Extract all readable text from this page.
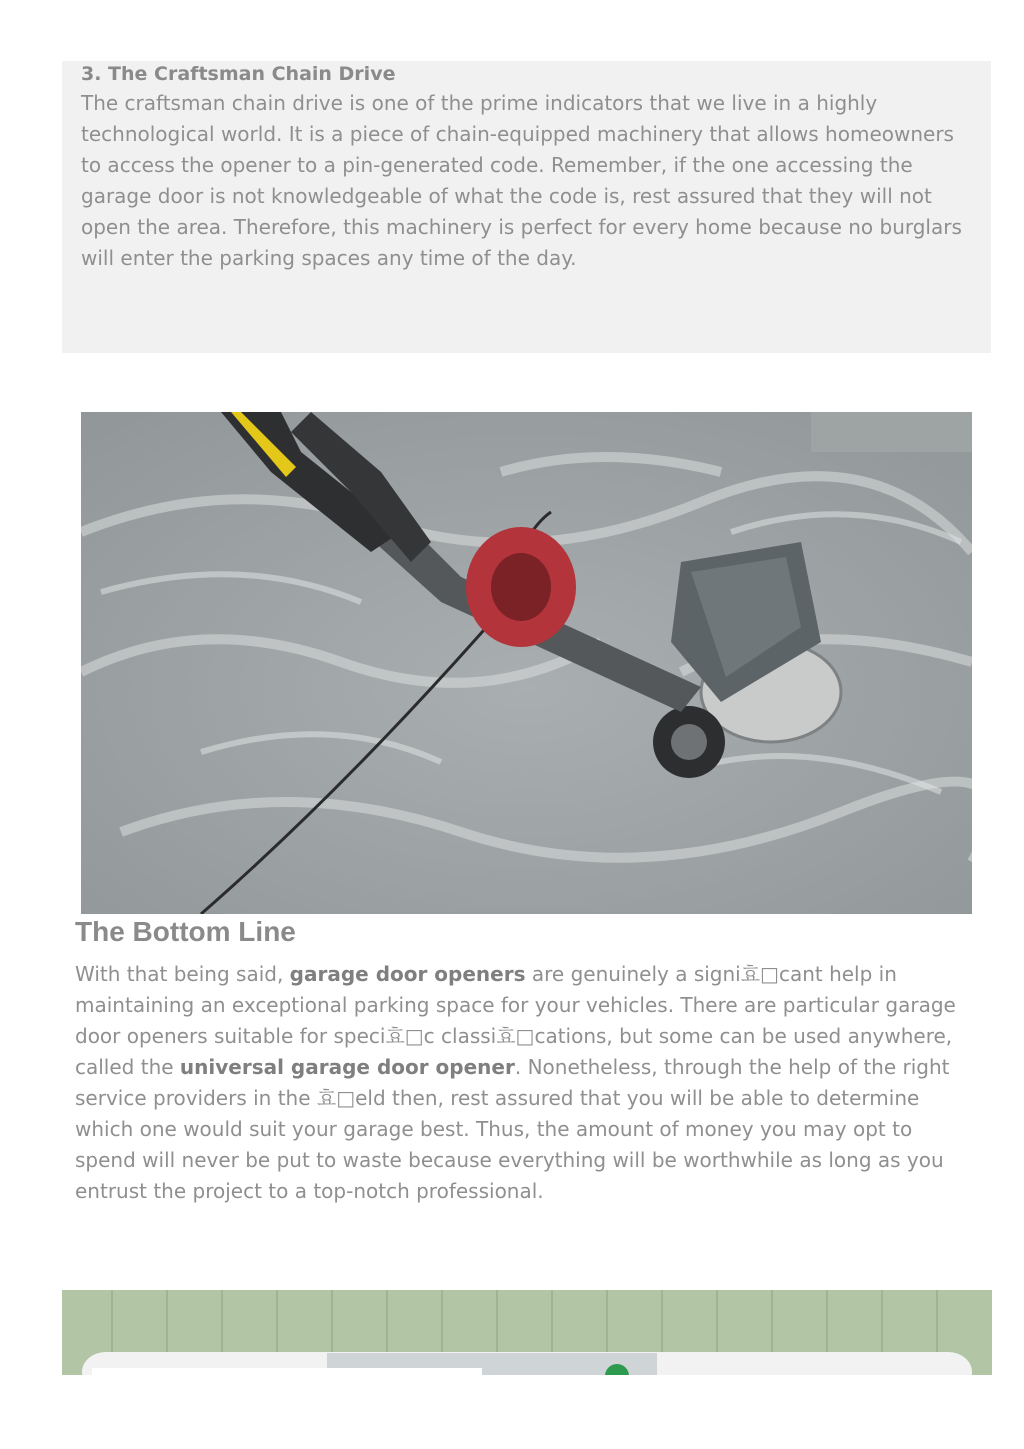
3. The Craftsman Chain Drive

The craftsman chain drive is one of the prime indicators that we live in a highly technological world. It is a piece of chain-equipped machinery that allows homeowners to access the opener to a pin-generated code. Remember, if the one accessing the garage door is not knowledgeable of what the code is, rest assured that they will not open the area. Therefore, this machinery is perfect for every home because no burglars will enter the parking spaces any time of the day.

The Bottom Line

With that being said, garage door openers are genuinely a signi효□cant help in maintaining an exceptional parking space for your vehicles. There are particular garage door openers suitable for speci효□c classi효□cations, but some can be used anywhere, called the universal garage door opener. Nonetheless, through the help of the right service providers in the 효□eld then, rest assured that you will be able to determine which one would suit your garage best. Thus, the amount of money you may opt to spend will never be put to waste because everything will be worthwhile as long as you entrust the project to a top-notch professional.
